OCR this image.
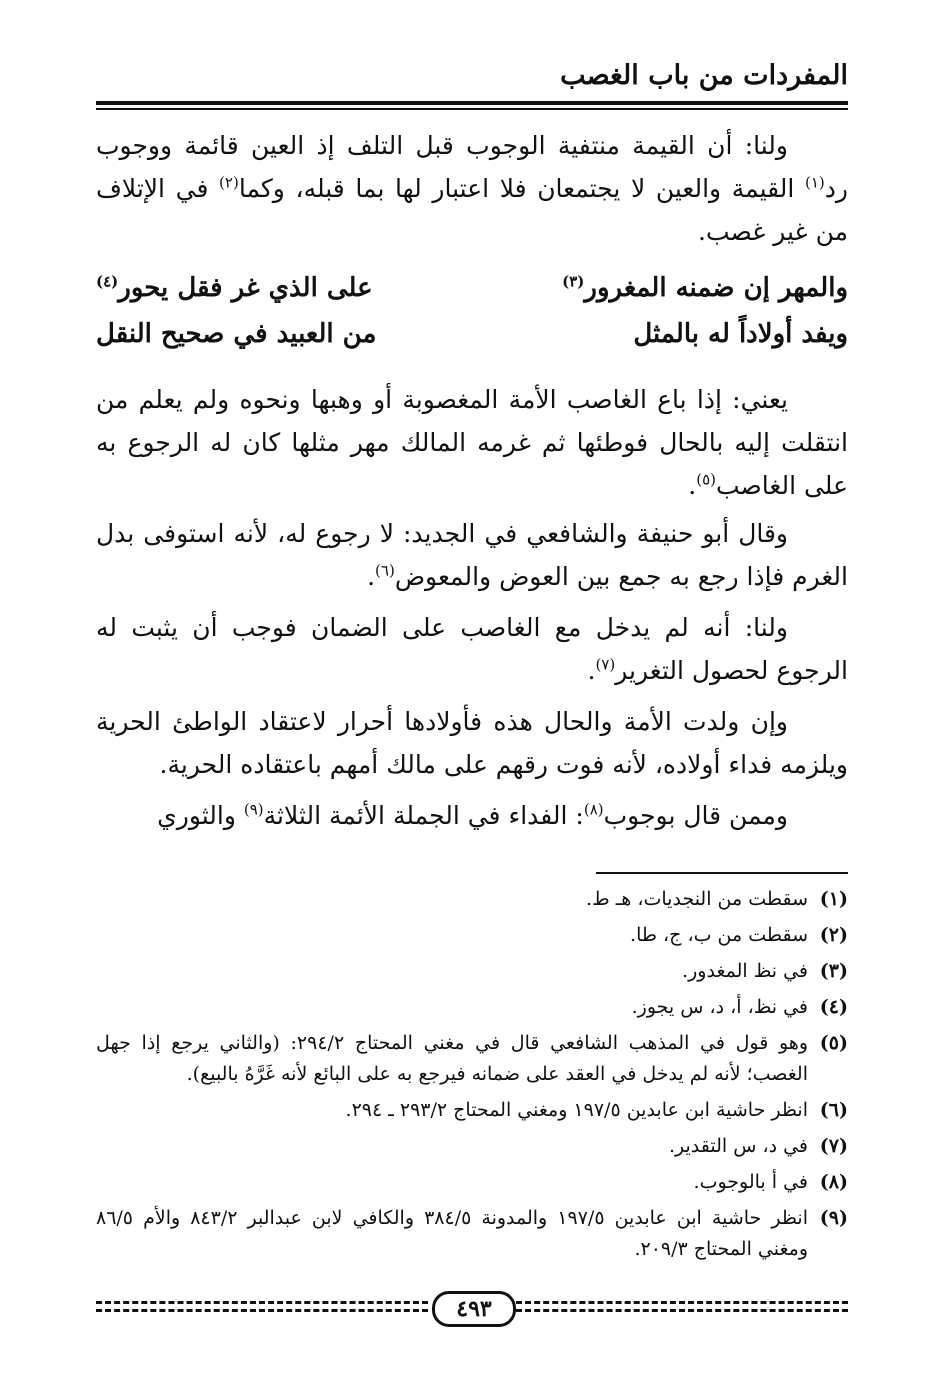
المفردات من باب الغصب

ولنا: أن القيمة منتفية الوجوب قبل التلف إذ العين قائمة ووجوب رد$^{(١)}$ القيمة والعين لا يجتمعان فلا اعتبار لها بما قبله، وكما$^{(٢)}$ في الإتلاف من غير غصب.

والمهر إن ضمنه المغرور$^{(٣)}$
على الذي غر فقل يحور$^{(٤)}$
ويفد أولاداً له بالمثل
من العبيد في صحيح النقل

يعني: إذا باع الغاصب الأمة المغصوبة أو وهبها ونحوه ولم يعلم من انتقلت إليه بالحال فوطئها ثم غرمه المالك مهر مثلها كان له الرجوع به على الغاصب$^{(٥)}$.

وقال أبو حنيفة والشافعي في الجديد: لا رجوع له، لأنه استوفى بدل الغرم فإذا رجع به جمع بين العوض والمعوض$^{(٦)}$.

ولنا: أنه لم يدخل مع الغاصب على الضمان فوجب أن يثبت له الرجوع لحصول التغرير$^{(٧)}$.

وإن ولدت الأمة والحال هذه فأولادها أحرار لاعتقاد الواطئ الحرية ويلزمه فداء أولاده، لأنه فوت رقهم على مالك أمهم باعتقاده الحرية.

وممن قال بوجوب$^{(٨)}$: الفداء في الجملة الأئمة الثلاثة$^{(٩)}$ والثوري

(١)
سقطت من النجديات، هـ ط.
(٢)
سقطت من ب، ج، طا.
(٣)
في نظ المغدور.
(٤)
في نظ، أ، د، س يجوز.
(٥)
وهو قول في المذهب الشافعي قال في مغني المحتاج ٢٩٤/٢: (والثاني يرجع إذا جهل الغصب؛ لأنه لم يدخل في العقد على ضمانه فيرجع به على البائع لأنه غَرَّهُ بالبيع).
(٦)
انظر حاشية ابن عابدين ١٩٧/٥ ومغني المحتاج ٢٩٣/٢ ـ ٢٩٤.
(٧)
في د، س التقدير.
(٨)
في أ بالوجوب.
(٩)
انظر حاشية ابن عابدين ١٩٧/٥ والمدونة ٣٨٤/٥ والكافي لابن عبدالبر ٨٤٣/٢ والأم ٨٦/٥ ومغني المحتاج ٢٠٩/٣.
٤٩٣
